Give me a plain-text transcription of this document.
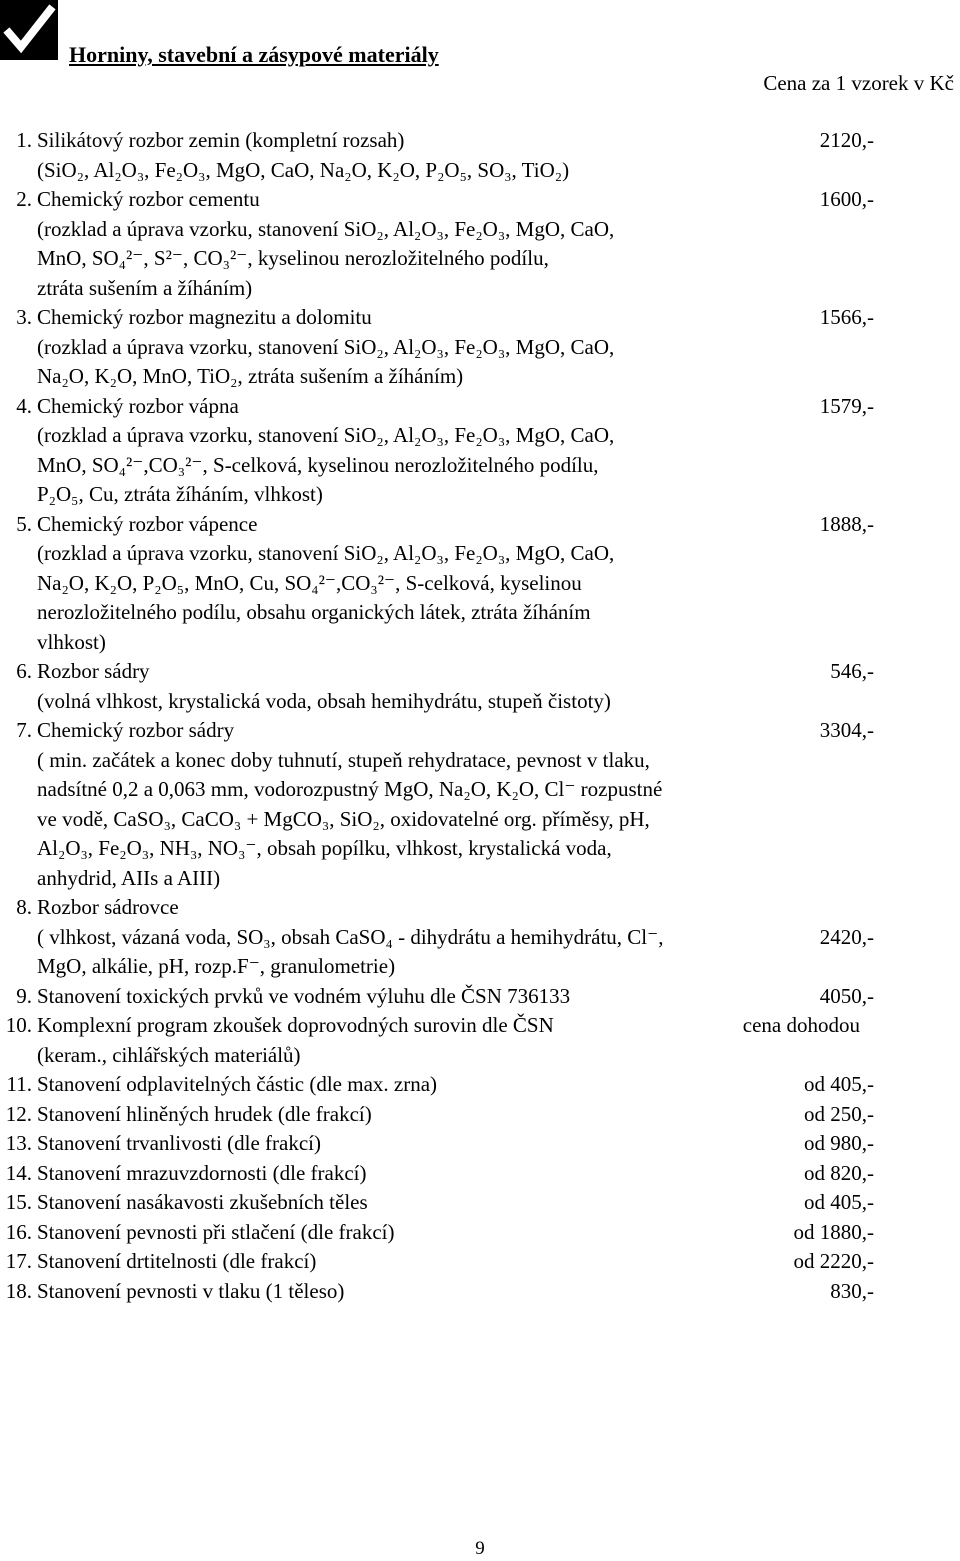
Horniny, stavební a zásypové materiály
Cena za 1 vzorek v Kč
1. Silikátový rozbor zemin (kompletní rozsah)	2120,-
(SiO₂, Al₂O₃, Fe₂O₃, MgO, CaO, Na₂O, K₂O, P₂O₅, SO₃, TiO₂)
2. Chemický rozbor cementu	1600,-
(rozklad a úprava vzorku, stanovení SiO₂, Al₂O₃, Fe₂O₃, MgO, CaO,
MnO, SO₄²⁻, S²⁻, CO₃²⁻, kyselinou nerozložitelného podílu,
ztráta sušením a žíháním)
3. Chemický rozbor magnezitu a dolomitu	1566,-
(rozklad a úprava vzorku, stanovení SiO₂, Al₂O₃, Fe₂O₃, MgO, CaO,
Na₂O, K₂O, MnO, TiO₂, ztráta sušením a žíháním)
4. Chemický rozbor vápna	1579,-
(rozklad a úprava vzorku, stanovení SiO₂, Al₂O₃, Fe₂O₃, MgO, CaO,
MnO, SO₄²⁻,CO₃²⁻, S-celková, kyselinou nerozložitelného podílu,
P₂O₅, Cu, ztráta žíháním, vlhkost)
5. Chemický rozbor vápence	1888,-
(rozklad a úprava vzorku, stanovení SiO₂, Al₂O₃, Fe₂O₃, MgO, CaO,
Na₂O, K₂O, P₂O₅, MnO, Cu, SO₄²⁻,CO₃²⁻, S-celková, kyselinou
nerozložitelného podílu, obsahu organických látek, ztráta žíháním
vlhkost)
6. Rozbor sádry	546,-
(volná vlhkost, krystalická voda, obsah hemihydrátu, stupeň čistoty)
7. Chemický rozbor sádry	3304,-
( min. začátek a konec doby tuhnutí, stupeň rehydratace, pevnost v tlaku,
nadsítné 0,2 a 0,063 mm, vodorozpustný MgO, Na₂O, K₂O, Cl⁻ rozpustné
ve vodě, CaSO₃, CaCO₃ + MgCO₃, SiO₂, oxidovatelné org. příměsy, pH,
Al₂O₃, Fe₂O₃, NH₃, NO₃⁻, obsah popílku, vlhkost, krystalická voda,
anhydrid, AIIs a AIII)
8. Rozbor sádrovce
( vlhkost, vázaná voda, SO₃, obsah CaSO₄ - dihydrátu a hemihydrátu, Cl⁻,	2420,-
MgO, alkálie, pH, rozp.F⁻, granulometrie)
9. Stanovení toxických prvků ve vodném výluhu dle ČSN 736133	4050,-
10. Komplexní program zkoušek doprovodných surovin dle ČSN	cena dohodou
(keram., cihlářských materiálů)
11. Stanovení odplavitelných částic (dle max. zrna)	od 405,-
12. Stanovení hliněných hrudek (dle frakcí)	od 250,-
13. Stanovení trvanlivosti (dle frakcí)	od 980,-
14. Stanovení mrazuvzdornosti (dle frakcí)	od 820,-
15. Stanovení nasákavosti zkušebních těles	od 405,-
16. Stanovení pevnosti při stlačení (dle frakcí)	od 1880,-
17. Stanovení drtitelnosti (dle frakcí)	od 2220,-
18. Stanovení pevnosti v tlaku (1 těleso)	830,-
9
